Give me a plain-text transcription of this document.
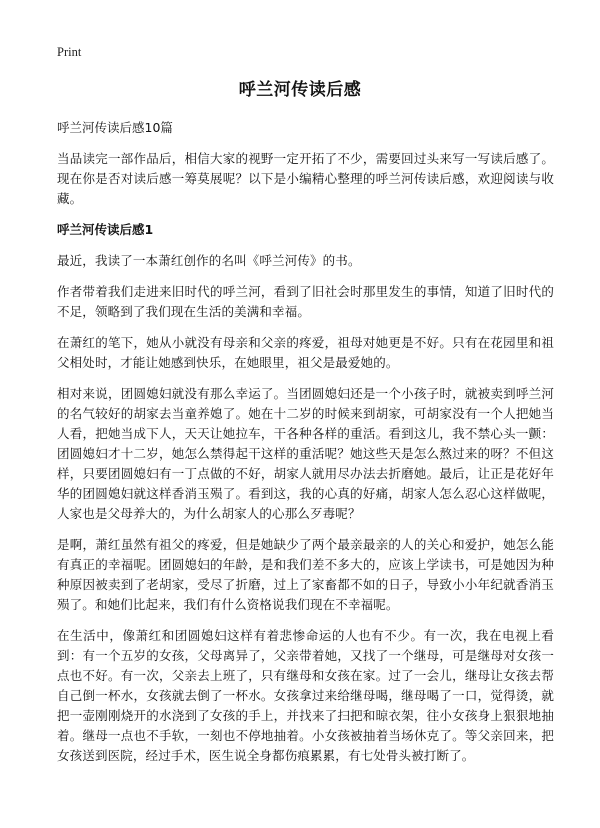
Print
呼兰河传读后感
呼兰河传读后感10篇

当品读完一部作品后，相信大家的视野一定开拓了不少，需要回过头来写一写读后感了。现在你是否对读后感一筹莫展呢？以下是小编精心整理的呼兰河传读后感，欢迎阅读与收藏。

呼兰河传读后感1

最近，我读了一本萧红创作的名叫《呼兰河传》的书。

作者带着我们走进来旧时代的呼兰河，看到了旧社会时那里发生的事情，知道了旧时代的不足，领略到了我们现在生活的美满和幸福。

在萧红的笔下，她从小就没有母亲和父亲的疼爱，祖母对她更是不好。只有在花园里和祖父相处时，才能让她感到快乐，在她眼里，祖父是最爱她的。

相对来说，团圆媳妇就没有那么幸运了。当团圆媳妇还是一个小孩子时，就被卖到呼兰河的名气较好的胡家去当童养媳了。她在十二岁的时候来到胡家，可胡家没有一个人把她当人看，把她当成下人，天天让她拉车，干各种各样的重活。看到这儿，我不禁心头一颤：团圆媳妇才十二岁，她怎么禁得起干这样的重活呢？她这些天是怎么熬过来的呀？不但这样，只要团圆媳妇有一丁点做的不好，胡家人就用尽办法去折磨她。最后，让正是花好年华的团圆媳妇就这样香消玉殒了。看到这，我的心真的好痛，胡家人怎么忍心这样做呢，人家也是父母养大的，为什么胡家人的心那么歹毒呢？

是啊，萧红虽然有祖父的疼爱，但是她缺少了两个最亲最亲的人的关心和爱护，她怎么能有真正的幸福呢。团圆媳妇的年龄，是和我们差不多大的，应该上学读书，可是她因为种种原因被卖到了老胡家，受尽了折磨，过上了家畜都不如的日子，导致小小年纪就香消玉殒了。和她们比起来，我们有什么资格说我们现在不幸福呢。

在生活中，像萧红和团圆媳妇这样有着悲惨命运的人也有不少。有一次，我在电视上看到：有一个五岁的女孩，父母离异了，父亲带着她，又找了一个继母，可是继母对女孩一点也不好。有一次，父亲去上班了，只有继母和女孩在家。过了一会儿，继母让女孩去帮自己倒一杯水，女孩就去倒了一杯水。女孩拿过来给继母喝，继母喝了一口，觉得烫，就把一壶刚刚烧开的水浇到了女孩的手上，并找来了扫把和晾衣架，往小女孩身上狠狠地抽着。继母一点也不手软，一刻也不停地抽着。小女孩被抽着当场休克了。等父亲回来，把女孩送到医院，经过手术，医生说全身都伤痕累累，有七处骨头被打断了。
